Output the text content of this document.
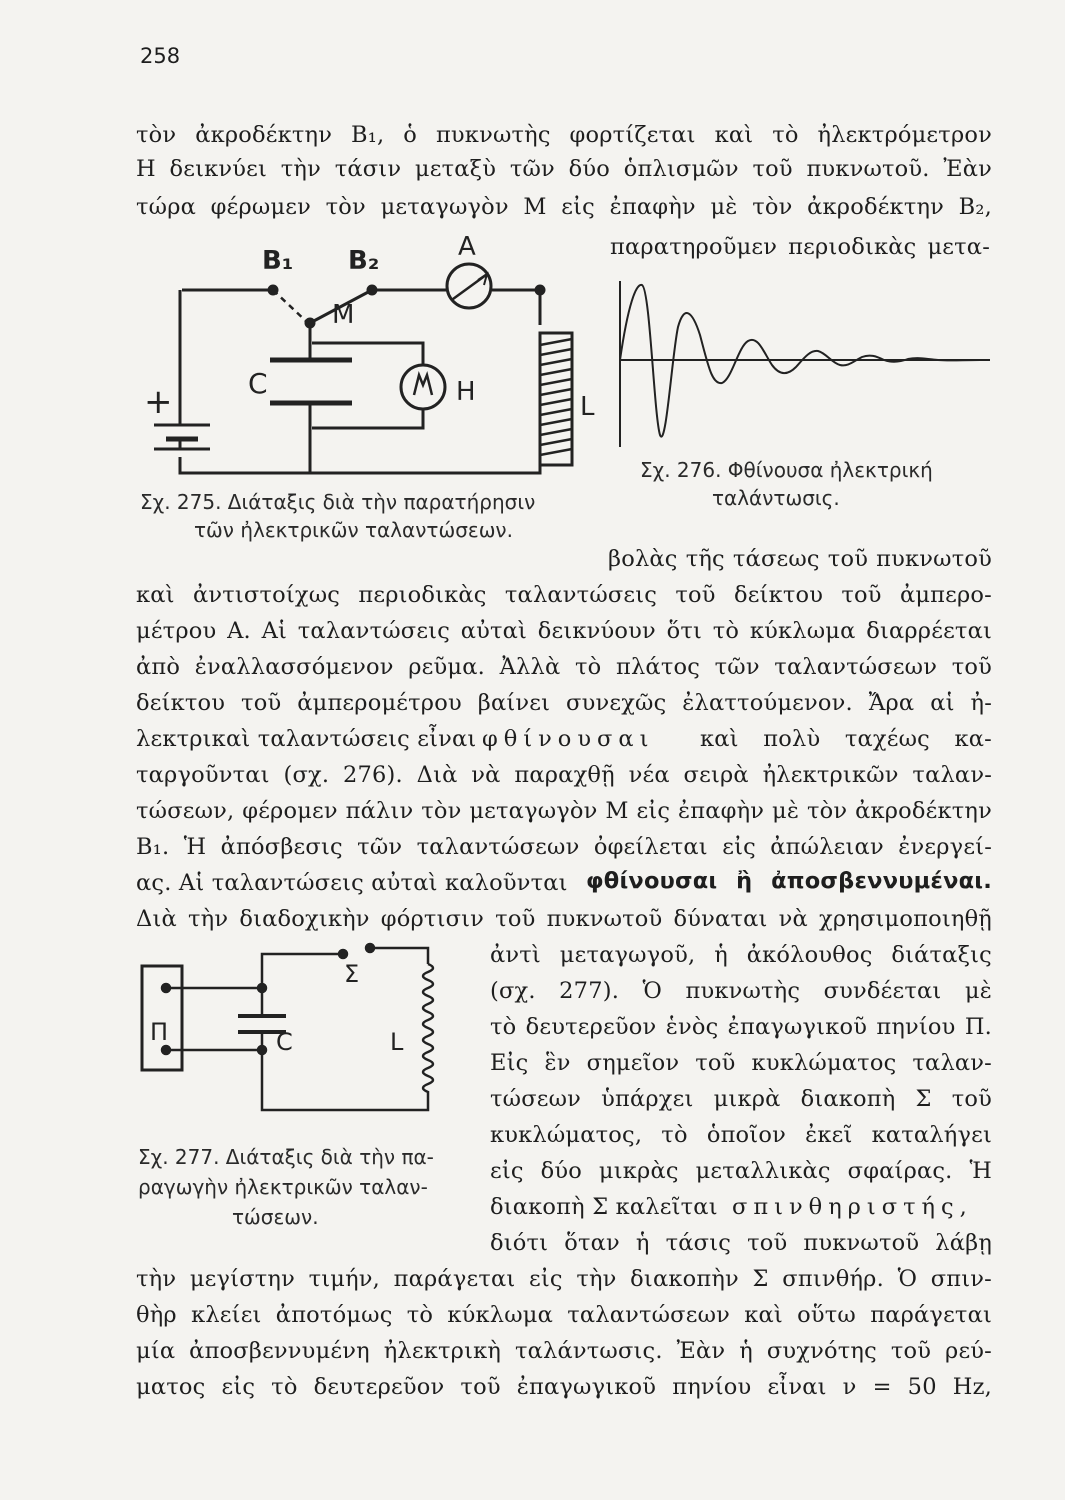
258
τὸν ἀκροδέκτην Β₁, ὁ πυκνωτὴς φορτίζεται καὶ τὸ ἠλεκτρόμετρον
Η δεικνύει τὴν τάσιν μεταξὺ τῶν δύο ὁπλισμῶν τοῦ πυκνωτοῦ. Ἐὰν
τώρα φέρωμεν τὸν μεταγωγὸν Μ εἰς ἐπαφὴν μὲ τὸν ἀκροδέκτην Β₂,
παρατηροῦμεν περιοδικὰς μετα-
Β₁ Β₂	Α
Μ
C	Η	L
+
Σχ. 276. Φθίνουσα ἠλεκτρική
ταλάντωσις.
Σχ. 275. Διάταξις διὰ τὴν παρατήρησιν
τῶν ἠλεκτρικῶν ταλαντώσεων.
βολὰς τῆς τάσεως τοῦ πυκνωτοῦ
καὶ ἀντιστοίχως περιοδικὰς ταλαντώσεις τοῦ δείκτου τοῦ ἀμπερο-
μέτρου Α. Αἱ ταλαντώσεις αὐταὶ δεικνύουν ὅτι τὸ κύκλωμα διαρρέεται
ἀπὸ ἐναλλασσόμενον ρεῦμα. Ἀλλὰ τὸ πλάτος τῶν ταλαντώσεων τοῦ
δείκτου τοῦ ἀμπερομέτρου βαίνει συνεχῶς ἐλαττούμενον. Ἄρα αἱ ἠ-
λεκτρικαὶ ταλαντώσεις εἶναι φθίνουσαι	καὶ πολὺ ταχέως κα-
ταργοῦνται (σχ. 276). Διὰ νὰ παραχθῇ νέα σειρὰ ἠλεκτρικῶν ταλαν-
τώσεων, φέρομεν πάλιν τὸν μεταγωγὸν Μ εἰς ἐπαφὴν μὲ τὸν ἀκροδέκτην
Β₁. Ἡ ἀπόσβεσις τῶν ταλαντώσεων ὀφείλεται εἰς ἀπώλειαν ἐνεργεί-
ας. Αἱ ταλαντώσεις αὐταὶ καλοῦνται φθίνουσαι ἢ ἀποσβεννυμέναι.
Διὰ τὴν διαδοχικὴν φόρτισιν τοῦ πυκνωτοῦ δύναται νὰ χρησιμοποιηθῇ
Π
Σ
C	L
ἀντὶ μεταγωγοῦ, ἡ ἀκόλουθος διάταξις
(σχ. 277). Ὁ πυκνωτὴς συνδέεται μὲ
τὸ δευτερεῦον ἑνὸς ἐπαγωγικοῦ πηνίου Π.
Εἰς ἓν σημεῖον τοῦ κυκλώματος ταλαν-
τώσεων ὑπάρχει μικρὰ διακοπὴ Σ τοῦ
κυκλώματος, τὸ ὁποῖον ἐκεῖ καταλήγει
εἰς δύο μικρὰς μεταλλικὰς σφαίρας. Ἡ
διακοπὴ Σ καλεῖται σπινθηριστής,
διότι ὅταν ἡ τάσις τοῦ πυκνωτοῦ λάβῃ
Σχ. 277. Διάταξις διὰ τὴν πα-
ραγωγὴν ἠλεκτρικῶν ταλαν-
τώσεων.
τὴν μεγίστην τιμήν, παράγεται εἰς τὴν διακοπὴν Σ σπινθήρ. Ὁ σπιν-
θὴρ κλείει ἀποτόμως τὸ κύκλωμα ταλαντώσεων καὶ οὕτω παράγεται
μία ἀποσβεννυμένη ἠλεκτρικὴ ταλάντωσις. Ἐὰν ἡ συχνότης τοῦ ρεύ-
ματος εἰς τὸ δευτερεῦον τοῦ ἐπαγωγικοῦ πηνίου εἶναι ν = 50 Hz,
